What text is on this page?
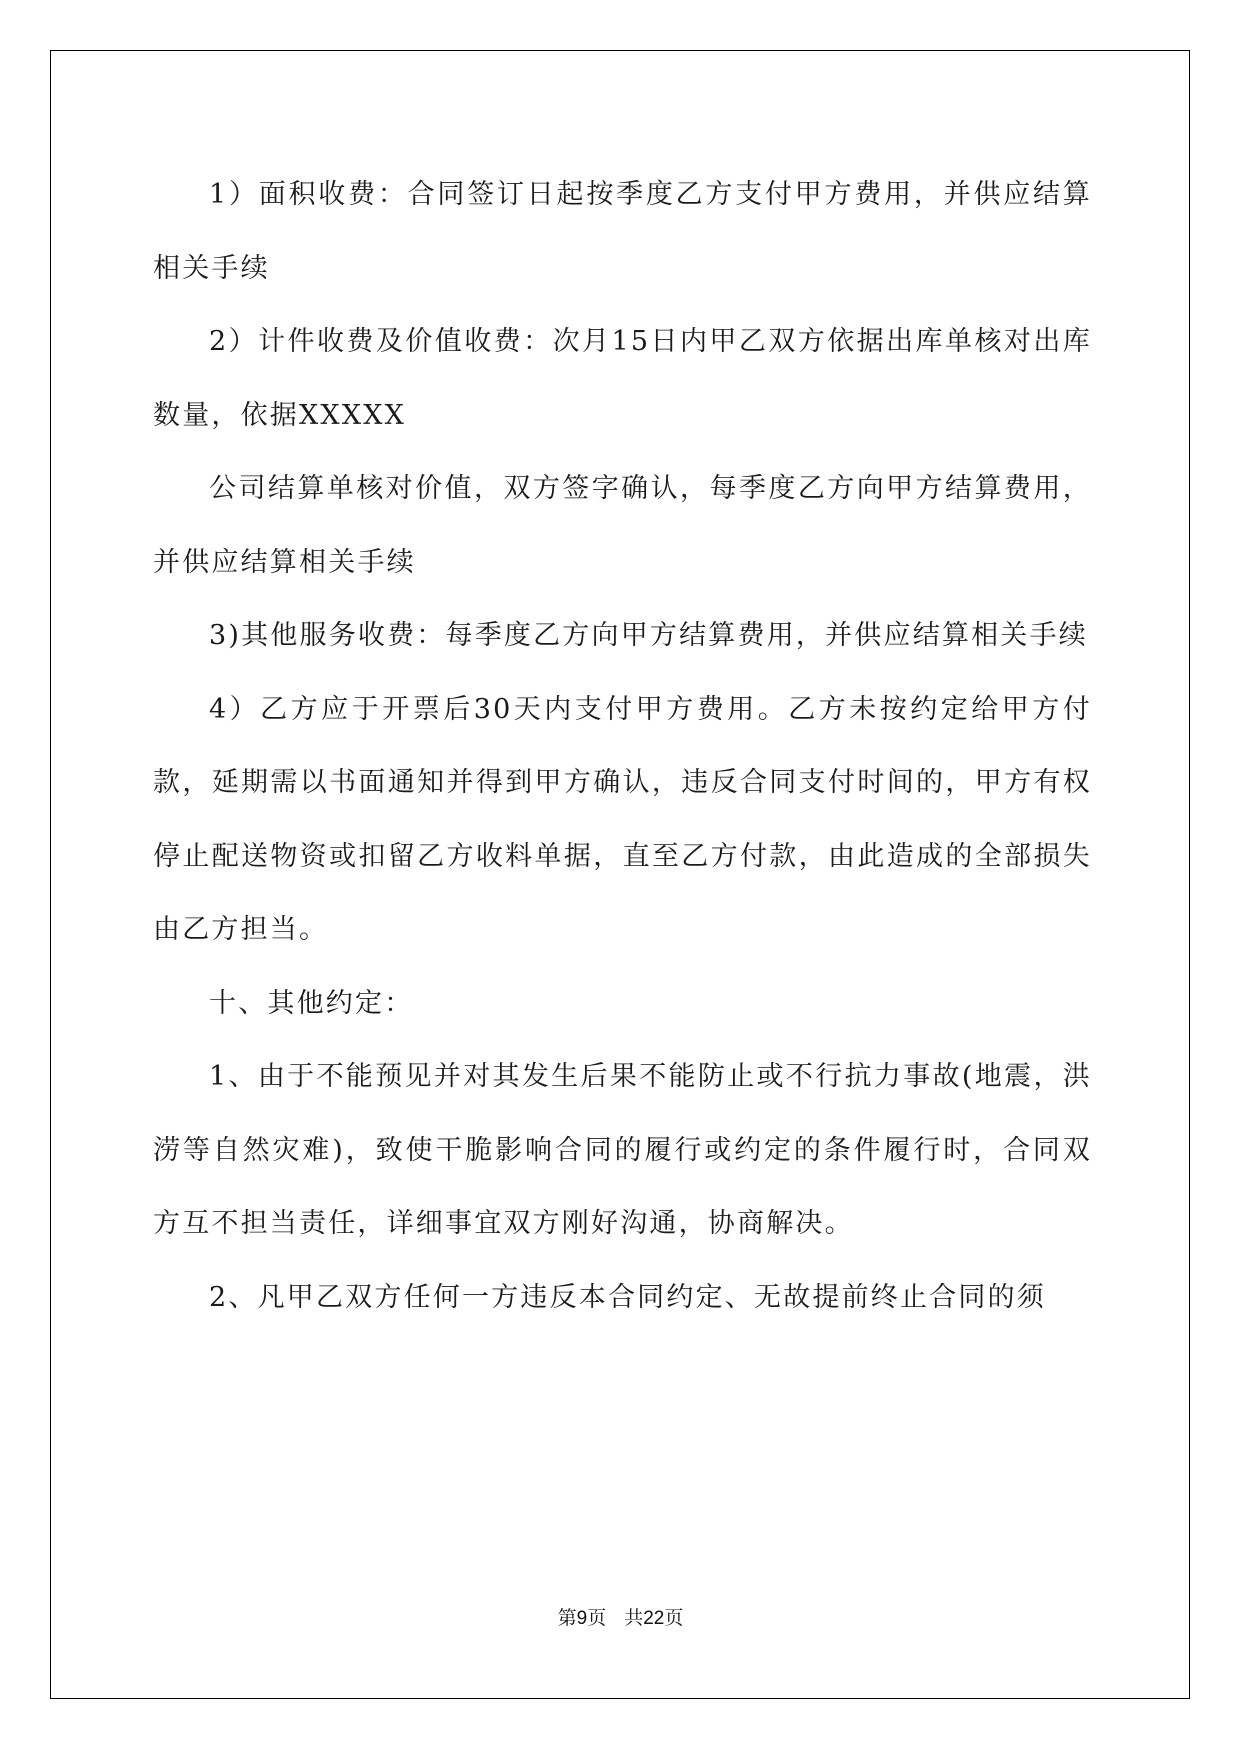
1）面积收费：合同签订日起按季度乙方支付甲方费用，并供应结算相关手续

2）计件收费及价值收费：次月15日内甲乙双方依据出库单核对出库数量，依据XXXXX

公司结算单核对价值，双方签字确认，每季度乙方向甲方结算费用，并供应结算相关手续

3)其他服务收费：每季度乙方向甲方结算费用，并供应结算相关手续

4）乙方应于开票后30天内支付甲方费用。乙方未按约定给甲方付款，延期需以书面通知并得到甲方确认，违反合同支付时间的，甲方有权停止配送物资或扣留乙方收料单据，直至乙方付款，由此造成的全部损失由乙方担当。

十、其他约定：

1、由于不能预见并对其发生后果不能防止或不行抗力事故(地震，洪涝等自然灾难)，致使干脆影响合同的履行或约定的条件履行时，合同双方互不担当责任，详细事宜双方刚好沟通，协商解决。

2、凡甲乙双方任何一方违反本合同约定、无故提前终止合同的须

第9页 共22页
